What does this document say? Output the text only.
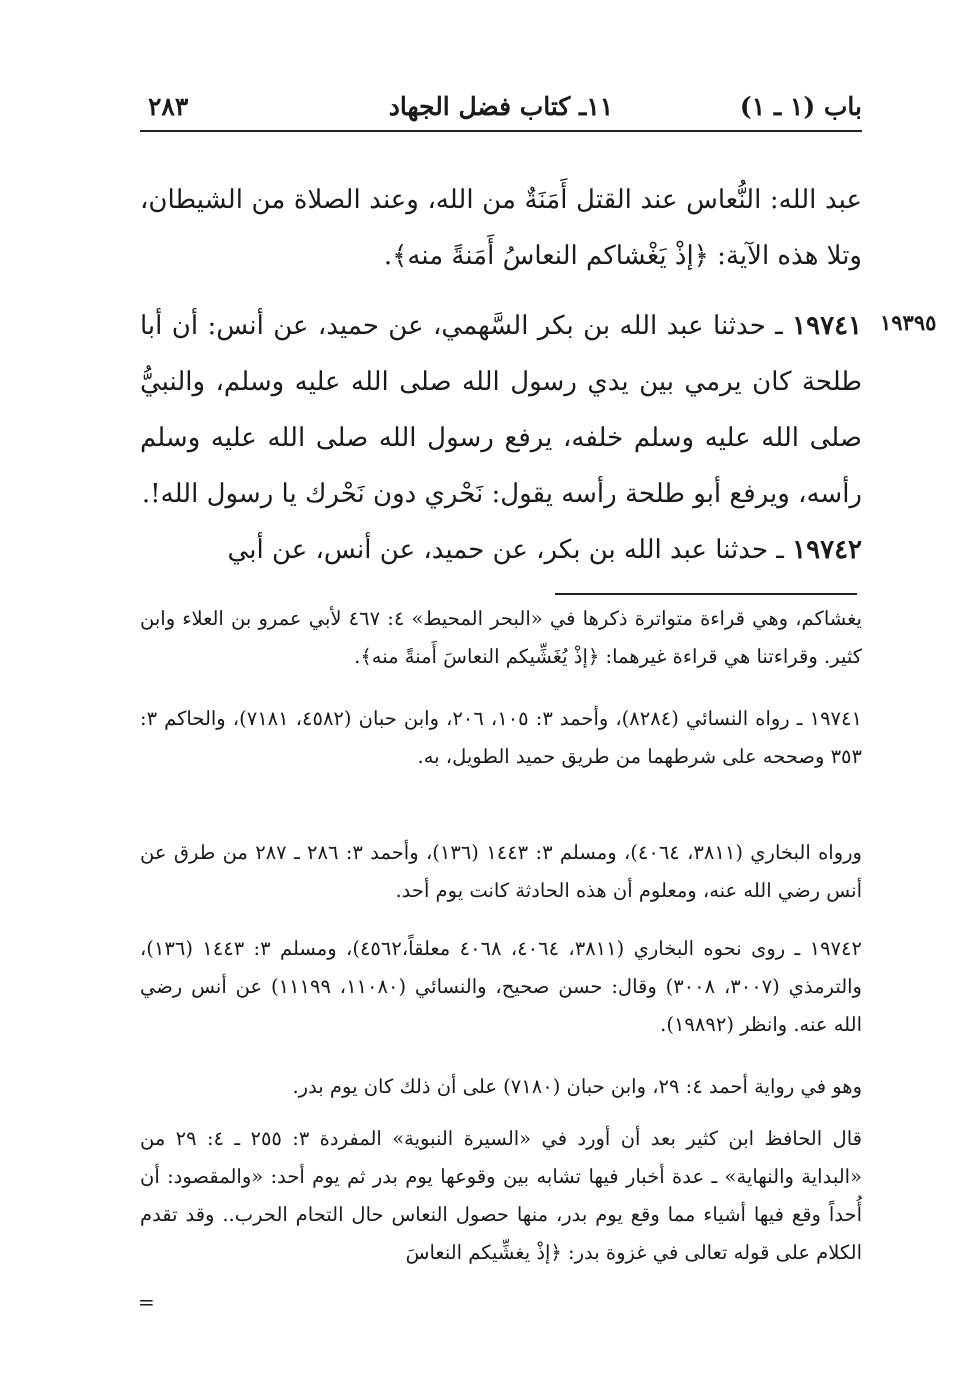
باب (١ ـ ١)
١١ـ كتاب فضل الجهاد
٢٨٣

عبد الله: النُّعاس عند القتل أَمَنَةٌ من الله، وعند الصلاة من الشيطان، وتلا هذه الآية: ﴿إذْ يَغْشاكم النعاسُ أَمَنةً منه﴾.

١٩٣٩٥

١٩٧٤١ ـ حدثنا عبد الله بن بكر السَّهمي، عن حميد، عن أنس: أن أبا طلحة كان يرمي بين يدي رسول الله صلى الله عليه وسلم، والنبيُّ صلى الله عليه وسلم خلفه، يرفع رسول الله صلى الله عليه وسلم رأسه، ويرفع أبو طلحة رأسه يقول: نَحْري دون نَحْرك يا رسول الله!.

١٩٧٤٢ ـ حدثنا عبد الله بن بكر، عن حميد، عن أنس، عن أبي

يغشاكم، وهي قراءة متواترة ذكرها في «البحر المحيط» ٤: ٤٦٧ لأبي عمرو بن العلاء وابن كثير. وقراءتنا هي قراءة غيرهما: ﴿إذْ يُغَشِّيكم النعاسَ أَمنةً منه﴾.

١٩٧٤١ ـ رواه النسائي (٨٢٨٤)، وأحمد ٣: ١٠٥، ٢٠٦، وابن حبان (٤٥٨٢، ٧١٨١)، والحاكم ٣: ٣٥٣ وصححه على شرطهما من طريق حميد الطويل، به.

ورواه البخاري (٣٨١١، ٤٠٦٤)، ومسلم ٣: ١٤٤٣ (١٣٦)، وأحمد ٣: ٢٨٦ ـ ٢٨٧ من طرق عن أنس رضي الله عنه، ومعلوم أن هذه الحادثة كانت يوم أحد.

١٩٧٤٢ ـ روى نحوه البخاري (٣٨١١، ٤٠٦٤، ٤٠٦٨ معلقاً،٤٥٦٢)، ومسلم ٣: ١٤٤٣ (١٣٦)، والترمذي (٣٠٠٧، ٣٠٠٨) وقال: حسن صحيح، والنسائي (١١٠٨٠، ١١١٩٩) عن أنس رضي الله عنه. وانظر (١٩٨٩٢).

وهو في رواية أحمد ٤: ٢٩، وابن حبان (٧١٨٠) على أن ذلك كان يوم بدر.

قال الحافظ ابن كثير بعد أن أورد في «السيرة النبوية» المفردة ٣: ٢٥٥ ـ ٤: ٢٩ من «البداية والنهاية» ـ عدة أخبار فيها تشابه بين وقوعها يوم بدر ثم يوم أحد: «والمقصود: أن أُحداً وقع فيها أشياء مما وقع يوم بدر، منها حصول النعاس حال التحام الحرب.. وقد تقدم الكلام على قوله تعالى في غزوة بدر: ﴿إذْ يغشِّيكم النعاسَ

=
